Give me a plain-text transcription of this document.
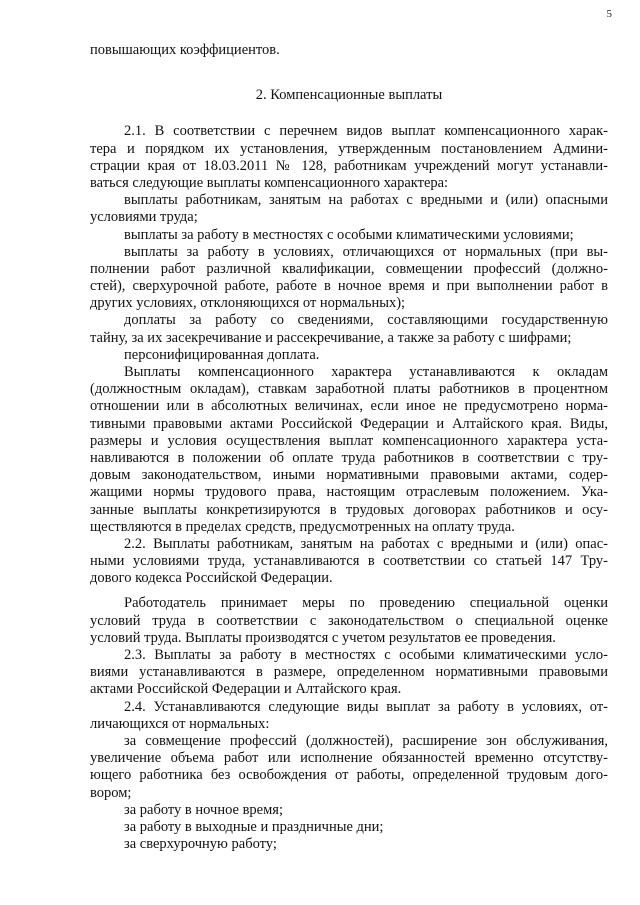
5
повышающих коэффициентов.
2. Компенсационные выплаты
2.1. В соответствии с перечнем видов выплат компенсационного харак-
тера и порядком их установления, утвержденным постановлением Админи-
страции края от 18.03.2011 № 128, работникам учреждений могут устанавли-
ваться следующие выплаты компенсационного характера:
выплаты работникам, занятым на работах с вредными и (или) опасными
условиями труда;
выплаты за работу в местностях с особыми климатическими условиями;
выплаты за работу в условиях, отличающихся от нормальных (при вы-
полнении работ различной квалификации, совмещении профессий (должно-
стей), сверхурочной работе, работе в ночное время и при выполнении работ в
других условиях, отклоняющихся от нормальных);
доплаты за работу со сведениями, составляющими государственную
тайну, за их засекречивание и рассекречивание, а также за работу с шифрами;
персонифицированная доплата.
Выплаты компенсационного характера устанавливаются к окладам
(должностным окладам), ставкам заработной платы работников в процентном
отношении или в абсолютных величинах, если иное не предусмотрено норма-
тивными правовыми актами Российской Федерации и Алтайского края. Виды,
размеры и условия осуществления выплат компенсационного характера уста-
навливаются в положении об оплате труда работников в соответствии с тру-
довым законодательством, иными нормативными правовыми актами, содер-
жащими нормы трудового права, настоящим отраслевым положением. Ука-
занные выплаты конкретизируются в трудовых договорах работников и осу-
ществляются в пределах средств, предусмотренных на оплату труда.
2.2. Выплаты работникам, занятым на работах с вредными и (или) опас-
ными условиями труда, устанавливаются в соответствии со статьей 147 Тру-
дового кодекса Российской Федерации.
Работодатель принимает меры по проведению специальной оценки
условий труда в соответствии с законодательством о специальной оценке
условий труда. Выплаты производятся с учетом результатов ее проведения.
2.3. Выплаты за работу в местностях с особыми климатическими усло-
виями устанавливаются в размере, определенном нормативными правовыми
актами Российской Федерации и Алтайского края.
2.4. Устанавливаются следующие виды выплат за работу в условиях, от-
личающихся от нормальных:
за совмещение профессий (должностей), расширение зон обслуживания,
увеличение объема работ или исполнение обязанностей временно отсутству-
ющего работника без освобождения от работы, определенной трудовым дого-
вором;
за работу в ночное время;
за работу в выходные и праздничные дни;
за сверхурочную работу;
